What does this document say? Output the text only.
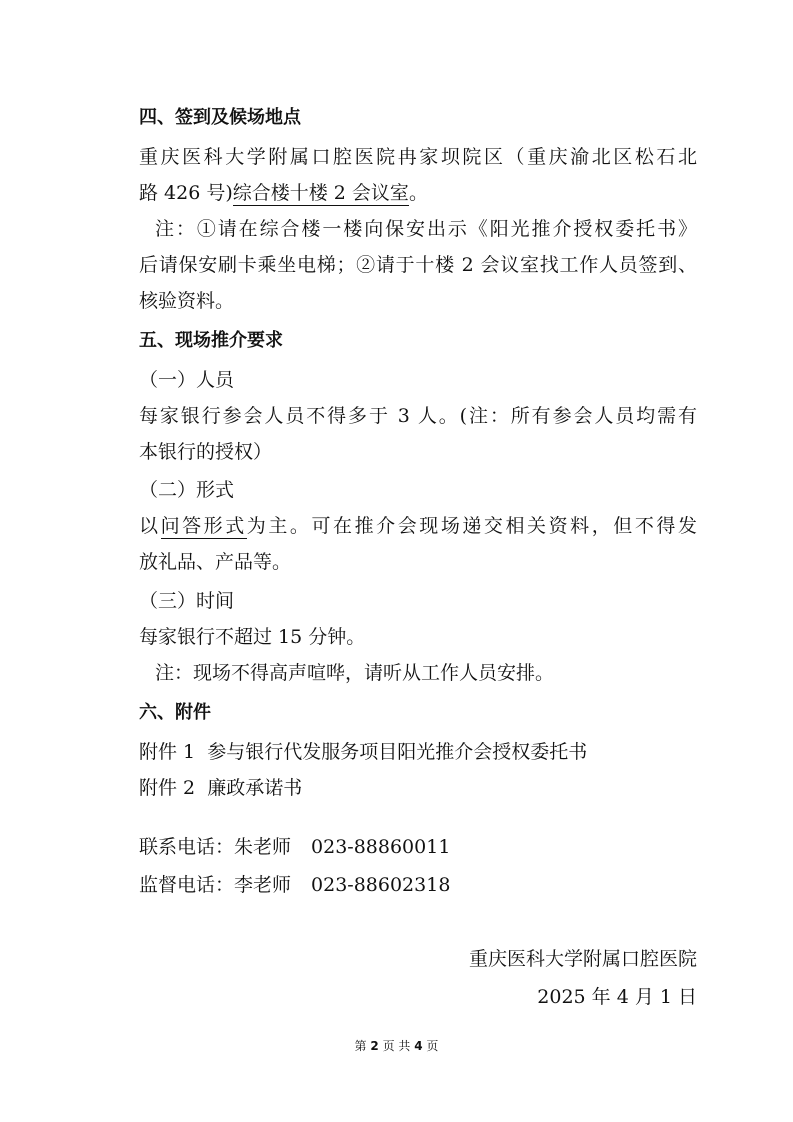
四、签到及候场地点
重庆医科大学附属口腔医院冉家坝院区（重庆渝北区松石北
路 426 号)综合楼十楼 2 会议室。
注：①请在综合楼一楼向保安出示《阳光推介授权委托书》
后请保安刷卡乘坐电梯；②请于十楼 2 会议室找工作人员签到、
核验资料。
五、现场推介要求
（一）人员
每家银行参会人员不得多于 3 人。(注：所有参会人员均需有
本银行的授权）
（二）形式
以问答形式为主。可在推介会现场递交相关资料，但不得发
放礼品、产品等。
（三）时间
每家银行不超过 15 分钟。
注：现场不得高声喧哗，请听从工作人员安排。
六、附件
附件 1  参与银行代发服务项目阳光推介会授权委托书
附件 2  廉政承诺书
联系电话：朱老师 023-88860011
监督电话：李老师 023-88602318
重庆医科大学附属口腔医院
2025 年 4 月 1 日
第 2 页 共 4 页
